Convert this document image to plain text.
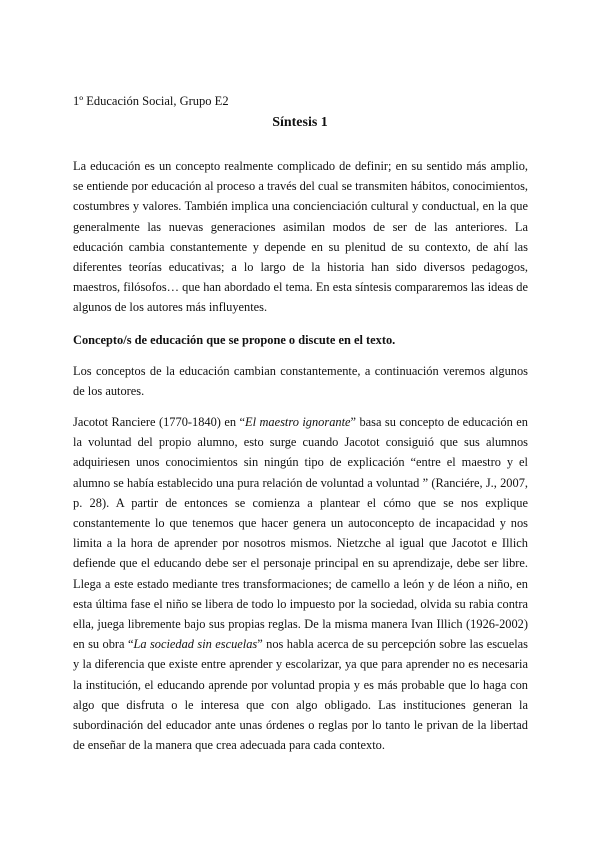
1º Educación Social, Grupo E2
Síntesis 1

La educación es un concepto realmente complicado de definir; en su sentido más amplio, se entiende por educación al proceso a través del cual se transmiten hábitos, conocimientos, costumbres y valores. También implica una concienciación cultural y conductual, en la que generalmente las nuevas generaciones asimilan modos de ser de las anteriores. La educación cambia constantemente y depende en su plenitud de su contexto, de ahí las diferentes teorías educativas; a lo largo de la historia han sido diversos pedagogos, maestros, filósofos… que han abordado el tema. En esta síntesis compararemos las ideas de algunos de los autores más influyentes.

Concepto/s de educación que se propone o discute en el texto.

Los conceptos de la educación cambian constantemente, a continuación veremos algunos de los autores.

Jacotot Ranciere (1770-1840) en “El maestro ignorante” basa su concepto de educación en la voluntad del propio alumno, esto surge cuando Jacotot consiguió que sus alumnos adquiriesen unos conocimientos sin ningún tipo de explicación “entre el maestro y el alumno se había establecido una pura relación de voluntad a voluntad ” (Ranciére, J., 2007, p. 28). A partir de entonces se comienza a plantear el cómo que se nos explique constantemente lo que tenemos que hacer genera un autoconcepto de incapacidad y nos limita a la hora de aprender por nosotros mismos. Nietzche al igual que Jacotot e Illich defiende que el educando debe ser el personaje principal en su aprendizaje, debe ser libre. Llega a este estado mediante tres transformaciones; de camello a león y de léon a niño, en esta última fase el niño se libera de todo lo impuesto por la sociedad, olvida su rabia contra ella, juega libremente bajo sus propias reglas. De la misma manera Ivan Illich (1926-2002) en su obra “La sociedad sin escuelas” nos habla acerca de su percepción sobre las escuelas y la diferencia que existe entre aprender y escolarizar, ya que para aprender no es necesaria la institución, el educando aprende por voluntad propia y es más probable que lo haga con algo que disfruta o le interesa que con algo obligado. Las instituciones generan la subordinación del educador ante unas órdenes o reglas por lo tanto le privan de la libertad de enseñar de la manera que crea adecuada para cada contexto.
